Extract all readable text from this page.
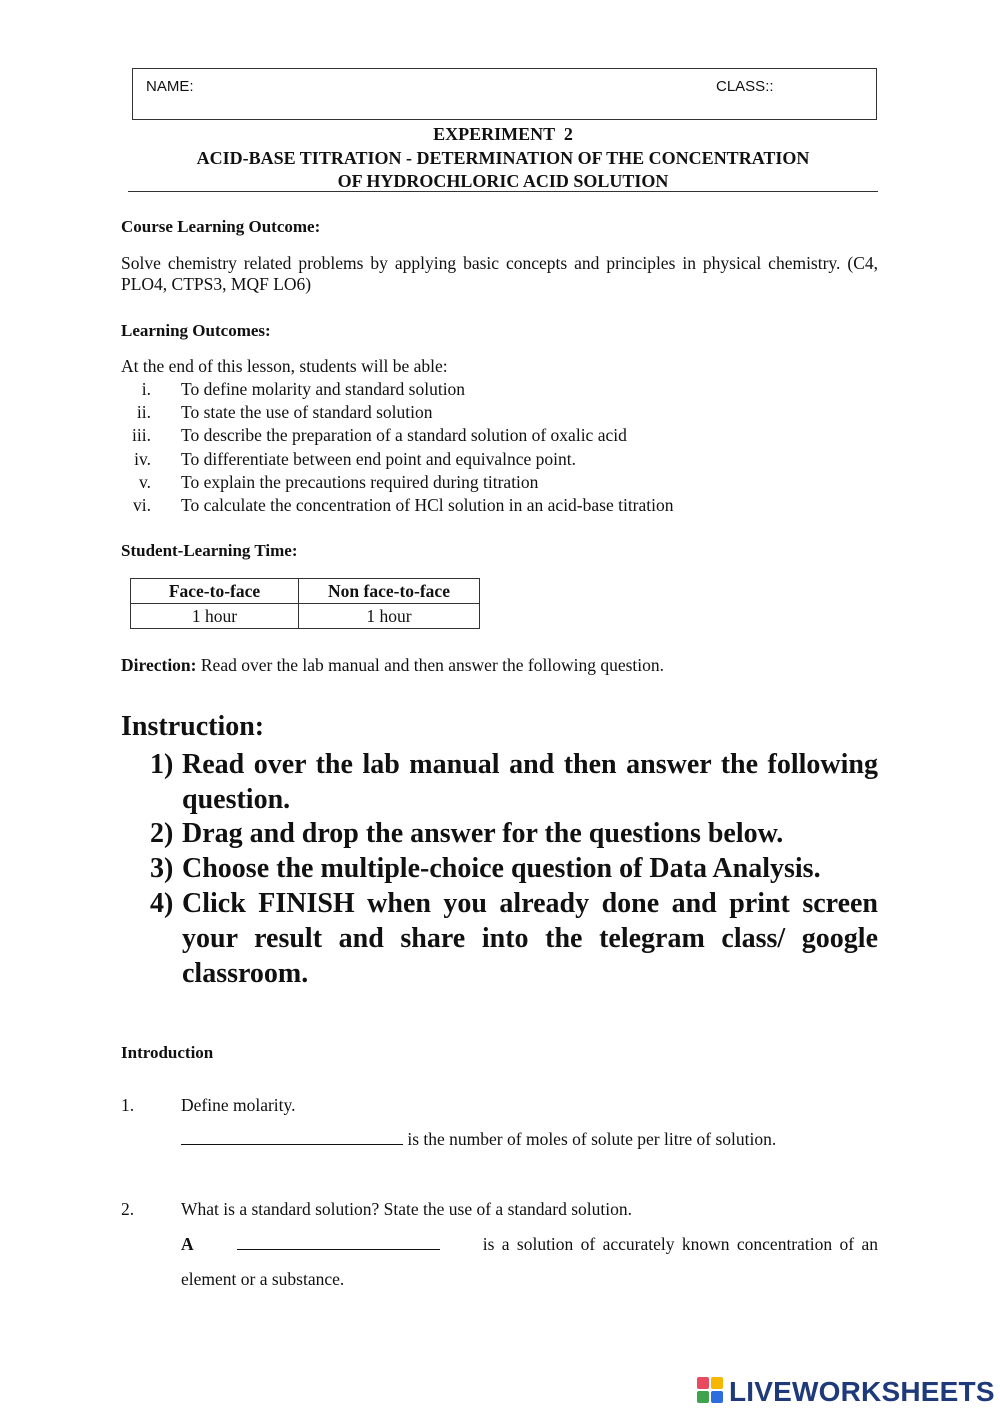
NAME:	CLASS::
EXPERIMENT  2
ACID-BASE TITRATION - DETERMINATION OF THE CONCENTRATION
OF HYDROCHLORIC ACID SOLUTION
Course Learning Outcome:
Solve chemistry related problems by applying basic concepts and principles in physical chemistry. (C4, PLO4, CTPS3, MQF LO6)
Learning Outcomes:
At the end of this lesson, students will be able:
i. To define molarity and standard solution
ii. To state the use of standard solution
iii. To describe the preparation of a standard solution of oxalic acid
iv. To differentiate between end point and equivalnce point.
v. To explain the precautions required during titration
vi. To calculate the concentration of HCl solution in an acid-base titration
Student-Learning Time:
Face-to-face	Non face-to-face
1 hour	1 hour
Direction: Read over the lab manual and then answer the following question.
Instruction:
1) Read over the lab manual and then answer the following question.
2) Drag and drop the answer for the questions below.
3) Choose the multiple-choice question of Data Analysis.
4) Click FINISH when you already done and print screen your result and share into the telegram class/ google classroom.
Introduction
1.	Define molarity.
is the number of moles of solute per litre of solution.
2.	What is a standard solution? State the use of a standard solution.
A	is a solution of accurately known concentration of an
element or a substance.
LIVEWORKSHEETS
